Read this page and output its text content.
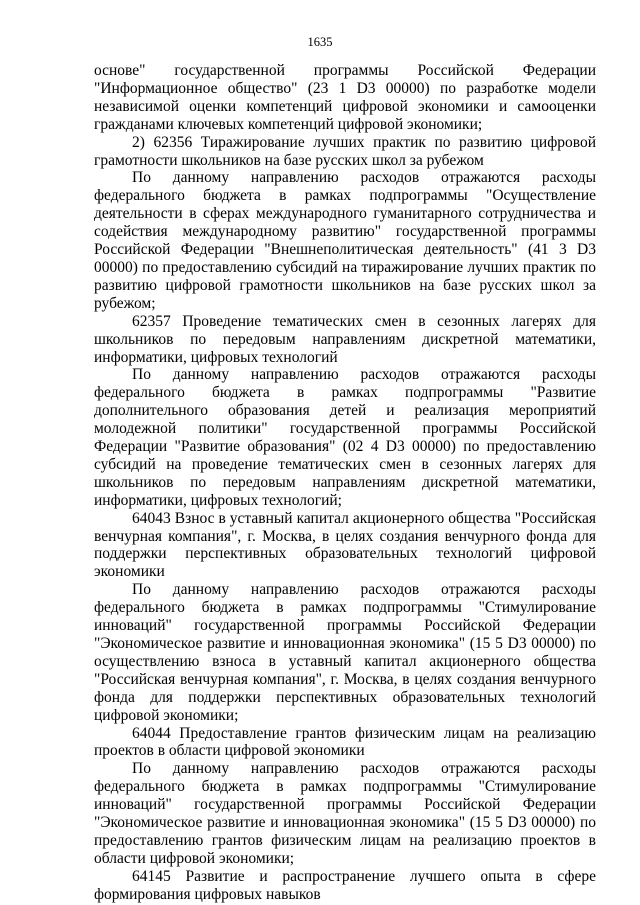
1635

основе" государственной программы Российской Федерации "Информационное общество" (23 1 D3 00000) по разработке модели независимой оценки компетенций цифровой экономики и самооценки гражданами ключевых компетенций цифровой экономики;

2) 62356 Тиражирование лучших практик по развитию цифровой грамотности школьников на базе русских школ за рубежом

По данному направлению расходов отражаются расходы федерального бюджета в рамках подпрограммы "Осуществление деятельности в сферах международного гуманитарного сотрудничества и содействия международному развитию" государственной программы Российской Федерации "Внешнеполитическая деятельность" (41 3 D3 00000) по предоставлению субсидий на тиражирование лучших практик по развитию цифровой грамотности школьников на базе русских школ за рубежом;

62357 Проведение тематических смен в сезонных лагерях для школьников по передовым направлениям дискретной математики, информатики, цифровых технологий

По данному направлению расходов отражаются расходы федерального бюджета в рамках подпрограммы "Развитие дополнительного образования детей и реализация мероприятий молодежной политики" государственной программы Российской Федерации "Развитие образования" (02 4 D3 00000) по предоставлению субсидий на проведение тематических смен в сезонных лагерях для школьников по передовым направлениям дискретной математики, информатики, цифровых технологий;

64043 Взнос в уставный капитал акционерного общества "Российская венчурная компания", г. Москва, в целях создания венчурного фонда для поддержки перспективных образовательных технологий цифровой экономики

По данному направлению расходов отражаются расходы федерального бюджета в рамках подпрограммы "Стимулирование инноваций" государственной программы Российской Федерации "Экономическое развитие и инновационная экономика" (15 5 D3 00000) по осуществлению взноса в уставный капитал акционерного общества "Российская венчурная компания", г. Москва, в целях создания венчурного фонда для поддержки перспективных образовательных технологий цифровой экономики;

64044 Предоставление грантов физическим лицам на реализацию проектов в области цифровой экономики

По данному направлению расходов отражаются расходы федерального бюджета в рамках подпрограммы "Стимулирование инноваций" государственной программы Российской Федерации "Экономическое развитие и инновационная экономика" (15 5 D3 00000) по предоставлению грантов физическим лицам на реализацию проектов в области цифровой экономики;

64145 Развитие и распространение лучшего опыта в сфере формирования цифровых навыков
